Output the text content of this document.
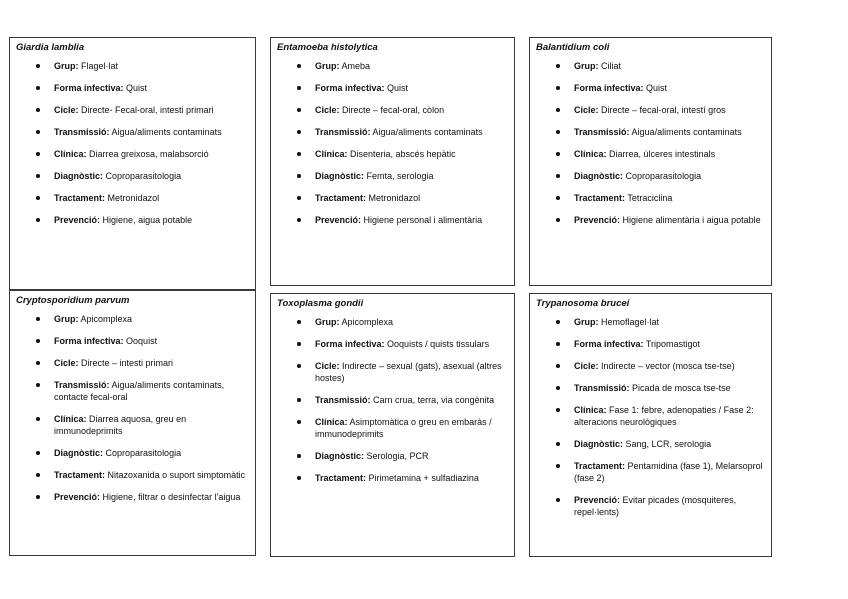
Giardia lamblia
Grup: Flagel·lat
Forma infectiva: Quist
Cicle: Directe- Fecal-oral, intesti primari
Transmissió: Aigua/aliments contaminats
Clínica: Diarrea greixosa, malabsorció
Diagnòstic: Coproparasitologia
Tractament: Metronidazol
Prevenció: Higiene, aigua potable
Entamoeba histolytica
Grup: Ameba
Forma infectiva: Quist
Cicle: Directe – fecal-oral, còlon
Transmissió: Aigua/aliments contaminats
Clínica: Disenteria, abscés hepàtic
Diagnòstic: Femta, serologia
Tractament: Metronidazol
Prevenció: Higiene personal i alimentària
Balantidium coli
Grup: Ciliat
Forma infectiva: Quist
Cicle: Directe – fecal-oral, intestí gros
Transmissió: Aigua/aliments contaminats
Clínica: Diarrea, úlceres intestinals
Diagnòstic: Coproparasitologia
Tractament: Tetraciclina
Prevenció: Higiene alimentària i aigua potable
Cryptosporidium parvum
Grup: Apicomplexa
Forma infectiva: Ooquist
Cicle: Directe – intesti primari
Transmissió: Aigua/aliments contaminats, contacte fecal-oral
Clínica: Diarrea aquosa, greu en immunodeprimits
Diagnòstic: Coproparasitologia
Tractament: Nitazoxanida o suport simptomàtic
Prevenció: Higiene, filtrar o desinfectar l'aigua
Toxoplasma gondii
Grup: Apicomplexa
Forma infectiva: Ooquists / quists tissulars
Cicle: Indirecte – sexual (gats), asexual (altres hostes)
Transmissió: Carn crua, terra, via congènita
Clínica: Asimptomàtica o greu en embaràs / immunodeprimits
Diagnòstic: Serologia, PCR
Tractament: Pirimetamina + sulfadiazina
Trypanosoma brucei
Grup: Hemoflagel·lat
Forma infectiva: Tripomastigot
Cicle: Indirecte – vector (mosca tse-tse)
Transmissió: Picada de mosca tse-tse
Clínica: Fase 1: febre, adenopaties / Fase 2: alteracions neurològiques
Diagnòstic: Sang, LCR, serologia
Tractament: Pentamidina (fase 1), Melarsoprol (fase 2)
Prevenció: Evitar picades (mosquiteres, repel·lents)
